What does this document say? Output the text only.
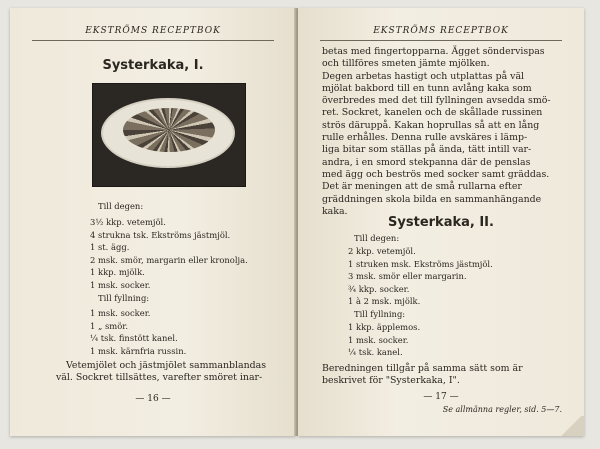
EKSTRÖMS RECEPTBOK
Systerkaka, I.
Till degen:
3½ kkp. vetemjöl.
4 strukna tsk. Ekströms jästmjöl.
1 st. ägg.
2 msk. smör, margarin eller kronolja.
1 kkp. mjölk.
1 msk. socker.
Till fyllning:
1 msk. socker.
1 „ smör.
¼ tsk. finstött kanel.
1 msk. kärnfria russin.
Vetemjölet och jästmjölet sammanblandas
väl. Sockret tillsättes, varefter smöret inar-
— 16 —
EKSTRÖMS RECEPTBOK
betas med fingertopparna. Ägget söndervispas
och tillföres smeten jämte mjölken.
Degen arbetas hastigt och utplattas på väl
mjölat bakbord till en tunn avlång kaka som
överbredes med det till fyllningen avsedda smö-
ret. Sockret, kanelen och de skållade russinen
strös däruppå. Kakan hoprullas så att en lång
rulle erhålles. Denna rulle avskäres i lämp-
liga bitar som ställas på ända, tätt intill var-
andra, i en smord stekpanna där de penslas
med ägg och beströs med socker samt gräddas.
Det är meningen att de små rullarna efter
gräddningen skola bilda en sammanhängande
kaka.
Systerkaka, II.
Till degen:
2 kkp. vetemjöl.
1 struken msk. Ekströms jästmjöl.
3 msk. smör eller margarin.
¾ kkp. socker.
1 à 2 msk. mjölk.
Till fyllning:
1 kkp. äpplemos.
1 msk. socker.
¼ tsk. kanel.
Beredningen tillgår på samma sätt som är
beskrivet för "Systerkaka, I".
— 17 —
Se allmänna regler, sid. 5—7.
